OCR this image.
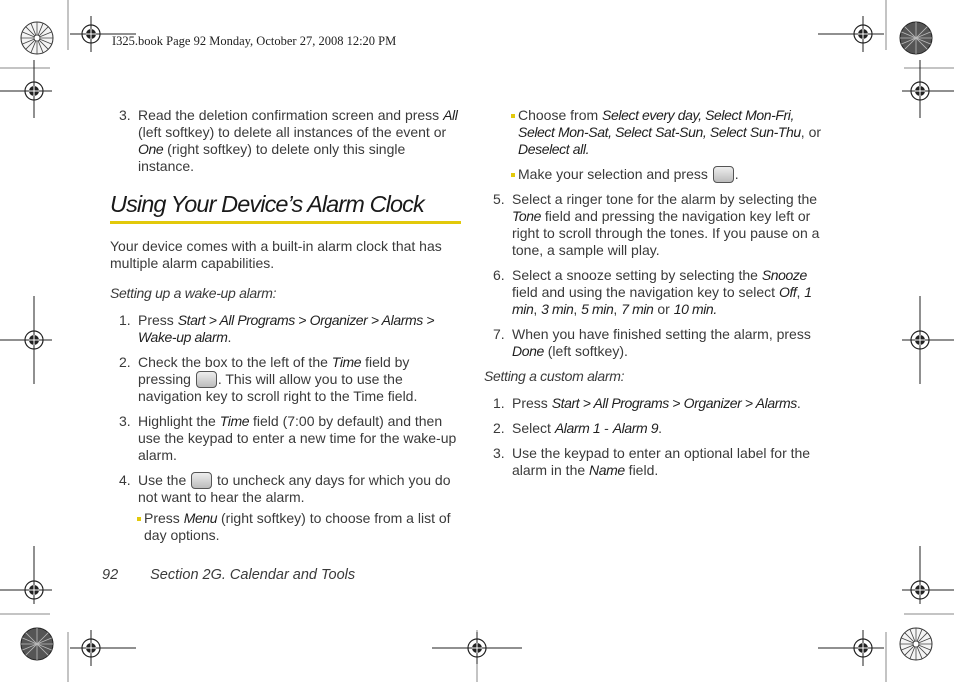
I325.book Page 92 Monday, October 27, 2008 12:20 PM
3. Read the deletion confirmation screen and press All (left softkey) to delete all instances of the event or One (right softkey) to delete only this single instance.
Using Your Device’s Alarm Clock
Your device comes with a built-in alarm clock that has multiple alarm capabilities.
Setting up a wake-up alarm:
1. Press Start > All Programs > Organizer > Alarms > Wake-up alarm.
2. Check the box to the left of the Time field by pressing . This will allow you to use the navigation key to scroll right to the Time field.
3. Highlight the Time field (7:00 by default) and then use the keypad to enter a new time for the wake-up alarm.
4. Use the  to uncheck any days for which you do not want to hear the alarm.
Press Menu (right softkey) to choose from a list of day options.
Choose from Select every day, Select Mon-Fri, Select Mon-Sat, Select Sat-Sun, Select Sun-Thu, or Deselect all.
Make your selection and press .
5. Select a ringer tone for the alarm by selecting the Tone field and pressing the navigation key left or right to scroll through the tones. If you pause on a tone, a sample will play.
6. Select a snooze setting by selecting the Snooze field and using the navigation key to select Off, 1 min, 3 min, 5 min, 7 min or 10 min.
7. When you have finished setting the alarm, press Done (left softkey).
Setting a custom alarm:
1. Press Start > All Programs > Organizer > Alarms.
2. Select Alarm 1 - Alarm 9.
3. Use the keypad to enter an optional label for the alarm in the Name field.
92 Section 2G. Calendar and Tools
